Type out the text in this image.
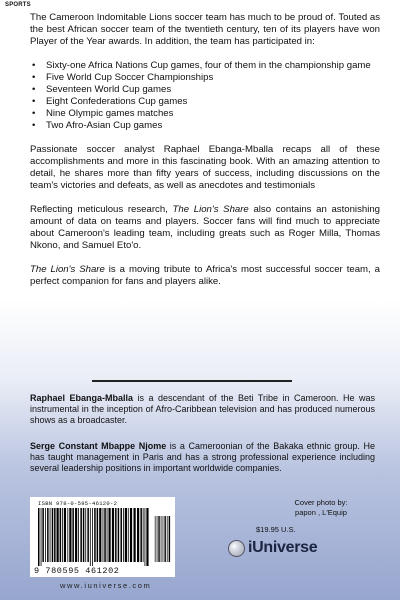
SPORTS

The Cameroon Indomitable Lions soccer team has much to be proud of. Touted as the best African soccer team of the twentieth century, ten of its players have won Player of the Year awards. In addition, the team has participated in:

• Sixty-one Africa Nations Cup games, four of them in the championship game
• Five World Cup Soccer Championships
• Seventeen World Cup games
• Eight Confederations Cup games
• Nine Olympic games matches
• Two Afro-Asian Cup games

Passionate soccer analyst Raphael Ebanga-Mballa recaps all of these accomplishments and more in this fascinating book. With an amazing attention to detail, he shares more than fifty years of success, including discussions on the team's victories and defeats, as well as anecdotes and testimonials

Reflecting meticulous research, The Lion's Share also contains an astonishing amount of data on teams and players. Soccer fans will find much to appreciate about Cameroon's leading team, including greats such as Roger Milla, Thomas Nkono, and Samuel Eto'o.

The Lion's Share is a moving tribute to Africa's most successful soccer team, a perfect companion for fans and players alike.

Raphael Ebanga-Mballa is a descendant of the Beti Tribe in Cameroon. He was instrumental in the inception of Afro-Caribbean television and has produced numerous shows as a broadcaster.
Serge Constant Mbappe Njome is a Cameroonian of the Bakaka ethnic group. He has taught management in Paris and has a strong professional experience including several leadership positions in important worldwide companies.
ISBN 978-0-595-46120-2
9 780595 461202
www.iuniverse.com
Cover photo by:
papon , L'Equip
$19.95 U.S.
iUniverse
